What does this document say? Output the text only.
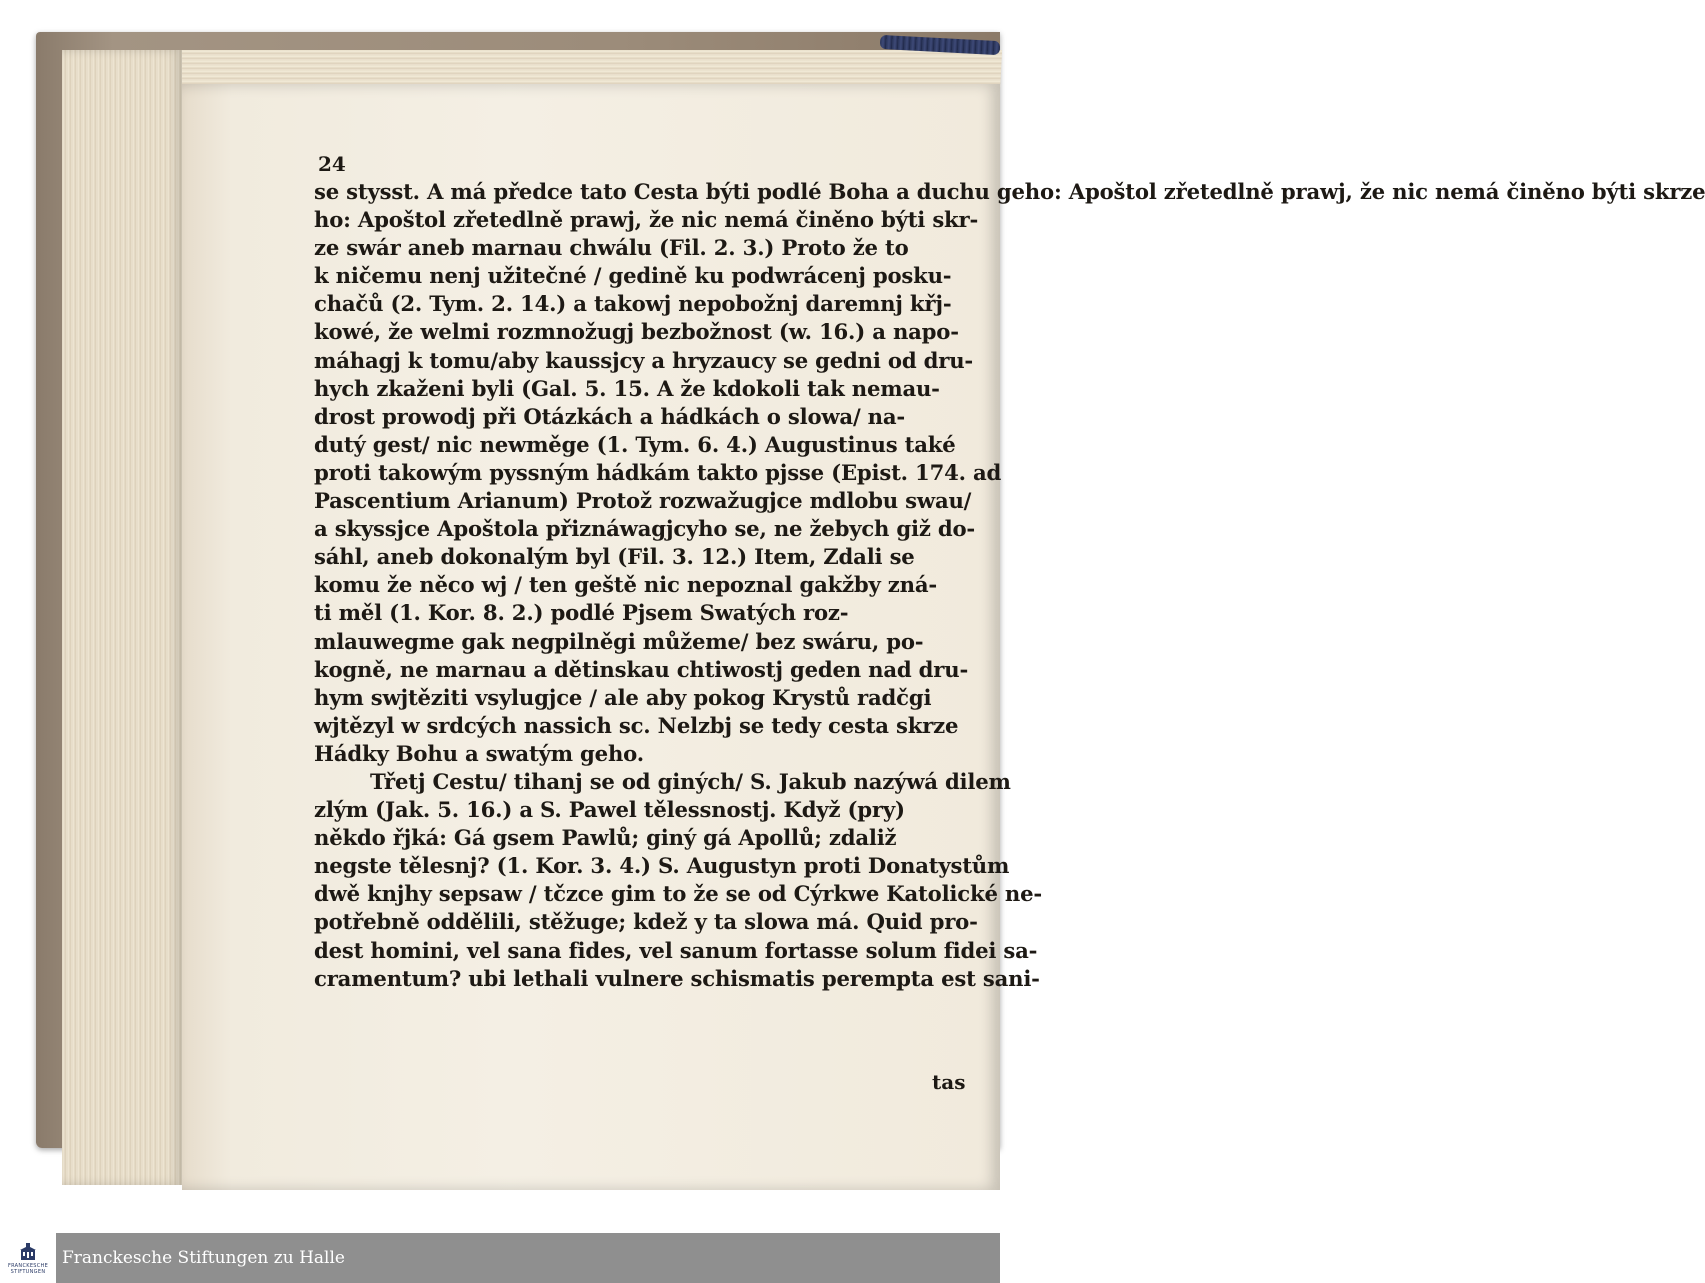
se stysst. A má předce tato Cesta býti podlé Boha a duchu geho: Apoštol zřetedlně prawj, že nic nemá činěno býti skrze
ho: Apoštol zřetedlně prawj, že nic nemá činěno býti skr-
ze swár aneb marnau chwálu (Fil. 2. 3.) Proto že to
k ničemu nenj užitečné / gedině ku podwrácenj posku-
chačů (2. Tym. 2. 14.) a takowj nepobožnj daremnj křj-
kowé, že welmi rozmnožugj bezbožnost (w. 16.) a napo-
máhagj k tomu/aby kaussjcy a hryzaucy se gedni od dru-
hych zkaženi byli (Gal. 5. 15. A že kdokoli tak nemau-
drost prowodj při Otázkách a hádkách o slowa/ na-
dutý gest/ nic newměge (1. Tym. 6. 4.) Augustinus také
proti takowým pyssným hádkám takto pjsse (Epist. 174. ad
Pascentium Arianum) Protož rozwažugjce mdlobu swau/
a skyssjce Apoštola přiznáwagjcyho se, ne žebych giž do-
sáhl, aneb dokonalým byl (Fil. 3. 12.) Item, Zdali se
komu že něco wj / ten geště nic nepoznal gakžby zná-
ti měl (1. Kor. 8. 2.) podlé Pjsem Swatých roz-
mlauwegme gak negpilněgi můžeme/ bez swáru, po-
kogně, ne marnau a dětinskau chtiwostj geden nad dru-
hym swjtěziti vsylugjce / ale aby pokog Krystů radčgi
wjtězyl w srdcých nassich sc. Nelzbj se tedy cesta skrze
Hádky Bohu a swatým geho.
Třetj Cestu/ tihanj se od giných/ S. Jakub nazýwá dilem
zlým (Jak. 5. 16.) a S. Pawel tělessnostj. Když (pry)
někdo řjká: Gá gsem Pawlů; giný gá Apollů; zdaliž
negste tělesnj? (1. Kor. 3. 4.) S. Augustyn proti Donatystům
dwě knjhy sepsaw / tčzce gim to že se od Cýrkwe Katolické ne-
potřebně oddělili, stěžuge; kdež y ta slowa má. Quid pro-
dest homini, vel sana fides, vel sanum fortasse solum fidei sa-
cramentum? ubi lethali vulnere schismatis perempta est sani-
24
tas
FRANCKESCHE
STIFTUNGEN
Franckesche Stiftungen zu Halle
